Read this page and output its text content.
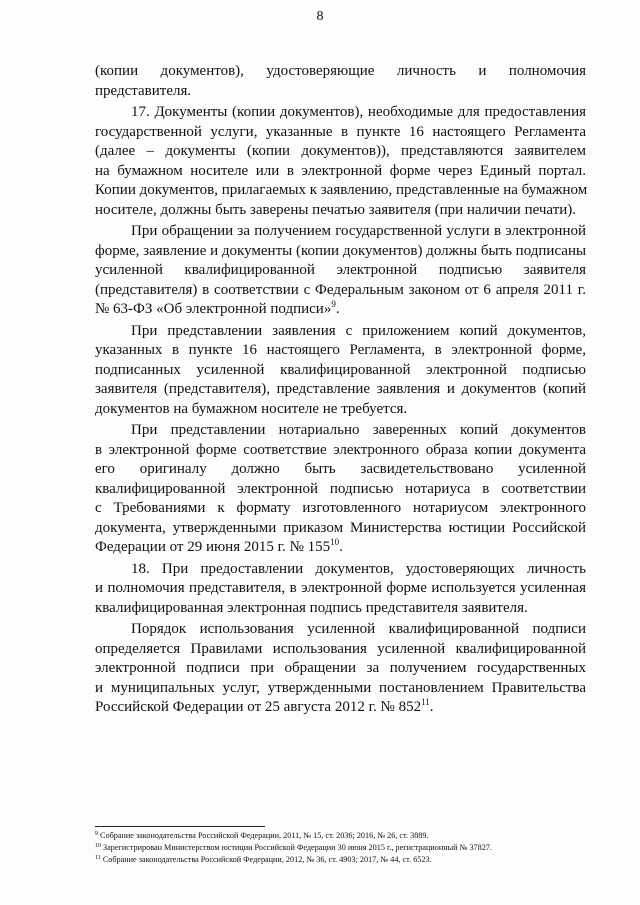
8
(копии документов), удостоверяющие личность и полномочия
представителя.
17. Документы (копии документов), необходимые для предоставления
государственной услуги, указанные в пункте 16 настоящего Регламента
(далее – документы (копии документов)), представляются заявителем
на бумажном носителе или в электронной форме через Единый портал.
Копии документов, прилагаемых к заявлению, представленные на бумажном
носителе, должны быть заверены печатью заявителя (при наличии печати).
При обращении за получением государственной услуги в электронной
форме, заявление и документы (копии документов) должны быть подписаны
усиленной квалифицированной электронной подписью заявителя
(представителя) в соответствии с Федеральным законом от 6 апреля 2011 г.
№ 63-ФЗ «Об электронной подписи»$^9$.
При представлении заявления с приложением копий документов,
указанных в пункте 16 настоящего Регламента, в электронной форме,
подписанных усиленной квалифицированной электронной подписью
заявителя (представителя), представление заявления и документов (копий
документов на бумажном носителе не требуется.
При представлении нотариально заверенных копий документов
в электронной форме соответствие электронного образа копии документа
его оригиналу должно быть засвидетельствовано усиленной
квалифицированной электронной подписью нотариуса в соответствии
с Требованиями к формату изготовленного нотариусом электронного
документа, утвержденными приказом Министерства юстиции Российской
Федерации от 29 июня 2015 г. № $155^{10}$.
18. При предоставлении документов, удостоверяющих личность
и полномочия представителя, в электронной форме используется усиленная
квалифицированная электронная подпись представителя заявителя.
Порядок использования усиленной квалифицированной подписи
определяется Правилами использования усиленной квалифицированной
электронной подписи при обращении за получением государственных
и муниципальных услуг, утвержденными постановлением Правительства
Российской Федерации от 25 августа 2012 г. № $852^{11}$.
$^9$ Собрание законодательства Российской Федерации, 2011, № 15, ст. 2036; 2016, № 26, ст. 3889.
$^{10}$ Зарегистрирован Министерством юстиции Российской Федерации 30 июня 2015 г., регистрационный № 37827.
$^{11}$ Собрание законодательства Российской Федерации, 2012, № 36, ст. 4903; 2017, № 44, ст. 6523.
